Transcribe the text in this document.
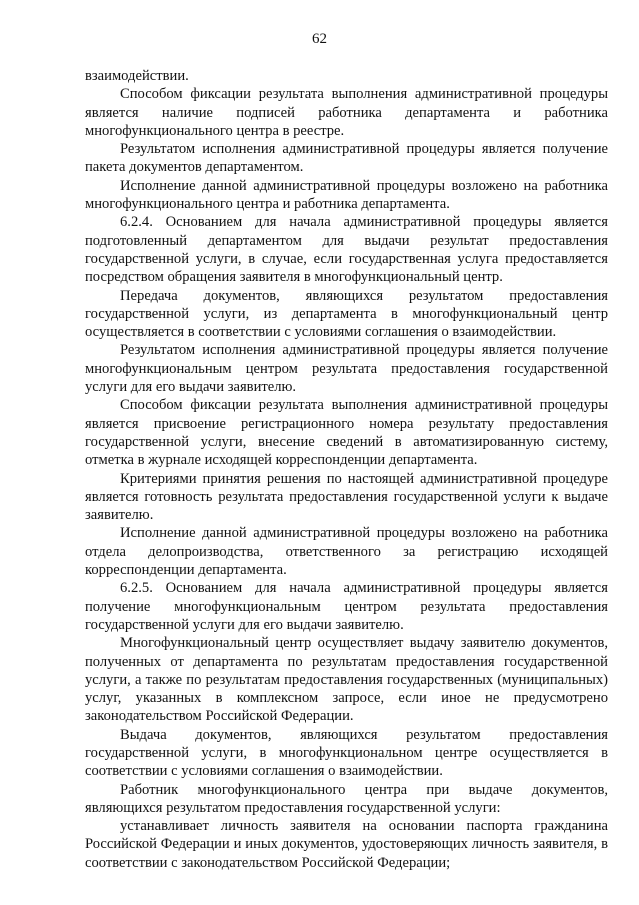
62

взаимодействии.

Способом фиксации результата выполнения административной процедуры является наличие подписей работника департамента и работника многофункционального центра в реестре.

Результатом исполнения административной процедуры является получение пакета документов департаментом.

Исполнение данной административной процедуры возложено на работника многофункционального центра и работника департамента.

6.2.4. Основанием для начала административной процедуры является подготовленный департаментом для выдачи результат предоставления государственной услуги, в случае, если государственная услуга предоставляется посредством обращения заявителя в многофункциональный центр.

Передача документов, являющихся результатом предоставления государственной услуги, из департамента в многофункциональный центр осуществляется в соответствии с условиями соглашения о взаимодействии.

Результатом исполнения административной процедуры является получение многофункциональным центром результата предоставления государственной услуги для его выдачи заявителю.

Способом фиксации результата выполнения административной процедуры является присвоение регистрационного номера результату предоставления государственной услуги, внесение сведений в автоматизированную систему, отметка в журнале исходящей корреспонденции департамента.

Критериями принятия решения по настоящей административной процедуре является готовность результата предоставления государственной услуги к выдаче заявителю.

Исполнение данной административной процедуры возложено на работника отдела делопроизводства, ответственного за регистрацию исходящей корреспонденции департамента.

6.2.5. Основанием для начала административной процедуры является получение многофункциональным центром результата предоставления государственной услуги для его выдачи заявителю.

Многофункциональный центр осуществляет выдачу заявителю документов, полученных от департамента по результатам предоставления государственной услуги, а также по результатам предоставления государственных (муниципальных) услуг, указанных в комплексном запросе, если иное не предусмотрено законодательством Российской Федерации.

Выдача документов, являющихся результатом предоставления государственной услуги, в многофункциональном центре осуществляется в соответствии с условиями соглашения о взаимодействии.

Работник многофункционального центра при выдаче документов, являющихся результатом предоставления государственной услуги:

устанавливает личность заявителя на основании паспорта гражданина Российской Федерации и иных документов, удостоверяющих личность заявителя, в соответствии с законодательством Российской Федерации;
